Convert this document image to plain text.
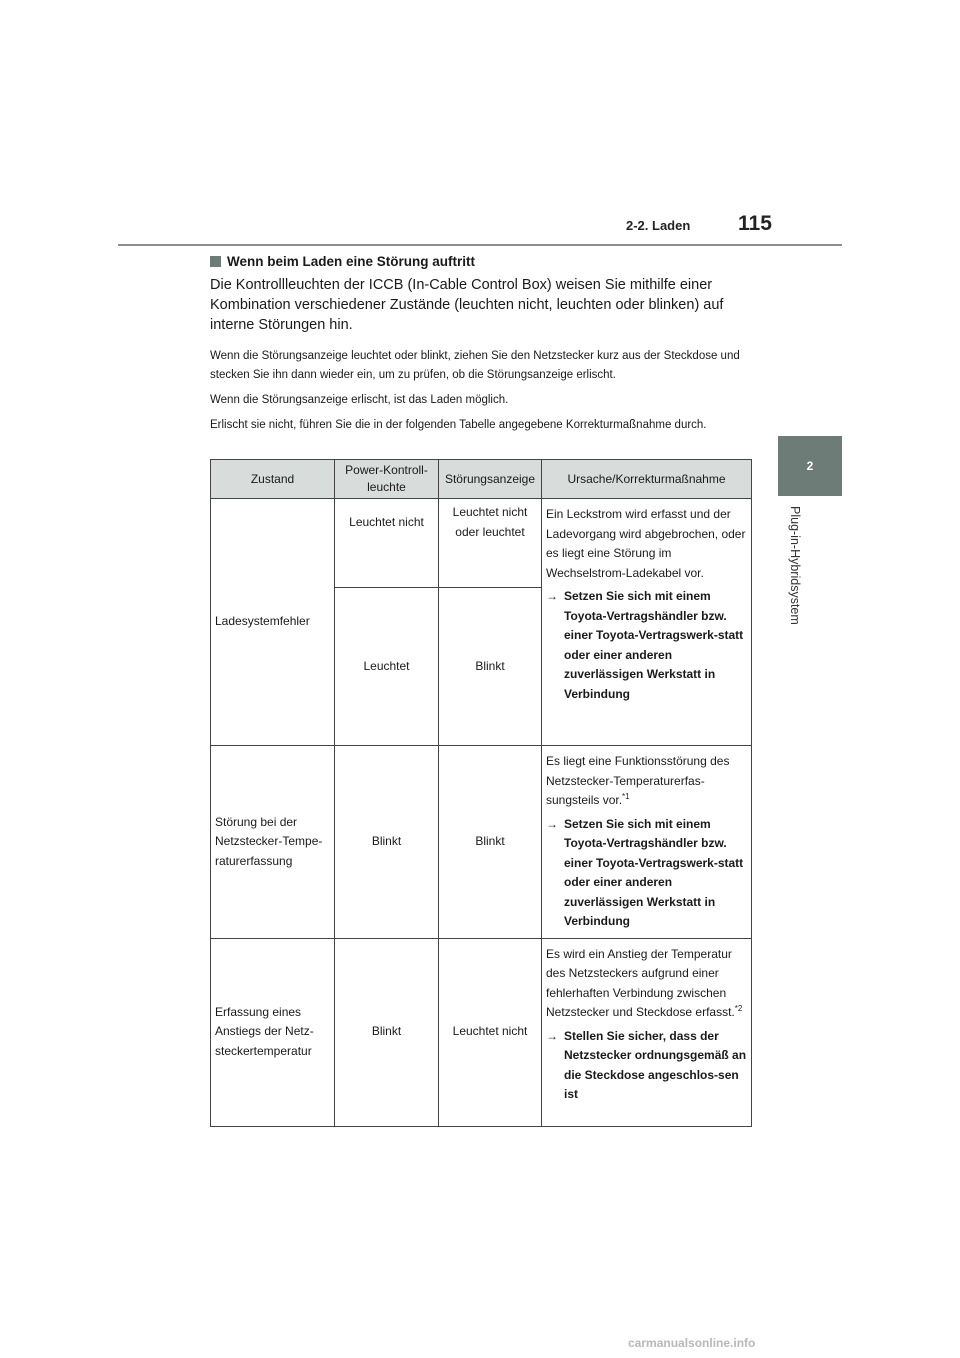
2-2. Laden 115
2
Plug-in-Hybridsystem
Wenn beim Laden eine Störung auftritt

Die Kontrollleuchten der ICCB (In-Cable Control Box) weisen Sie mithilfe einer Kombination verschiedener Zustände (leuchten nicht, leuchten oder blinken) auf interne Störungen hin.

Wenn die Störungsanzeige leuchtet oder blinkt, ziehen Sie den Netzstecker kurz aus der Steckdose und stecken Sie ihn dann wieder ein, um zu prüfen, ob die Störungsanzeige erlischt.

Wenn die Störungsanzeige erlischt, ist das Laden möglich.

Erlischt sie nicht, führen Sie die in der folgenden Tabelle angegebene Korrekturmaßnahme durch.

Zustand	Power-Kontroll-leuchte	Störungsanzeige	Ursache/Korrekturmaßnahme
Ladesystemfehler	Leuchtet nicht	Leuchtet nicht oder leuchtet	Ein Leckstrom wird erfasst und der Ladevorgang wird abgebrochen, oder es liegt eine Störung im Wechselstrom-Ladekabel vor.

→ Setzen Sie sich mit einem Toyota-Vertragshändler bzw. einer Toyota-Vertragswerk-statt oder einer anderen zuverlässigen Werkstatt in Verbindung

	Leuchtet	Blinkt	
Störung bei der Netzstecker-Tempe-raturerfassung	Blinkt	Blinkt	Es liegt eine Funktionsstörung des Netzstecker-Temperaturerfas-sungsteils vor.$^{*1}$

→ Setzen Sie sich mit einem Toyota-Vertragshändler bzw. einer Toyota-Vertragswerk-statt oder einer anderen zuverlässigen Werkstatt in Verbindung

Erfassung eines Anstiegs der Netz-steckertemperatur	Blinkt	Leuchtet nicht	Es wird ein Anstieg der Temperatur des Netzsteckers aufgrund einer fehlerhaften Verbindung zwischen Netzstecker und Steckdose erfasst.$^{*2}$

→ Stellen Sie sicher, dass der Netzstecker ordnungsgemäß an die Steckdose angeschlos-sen ist
carmanualsonline.info
